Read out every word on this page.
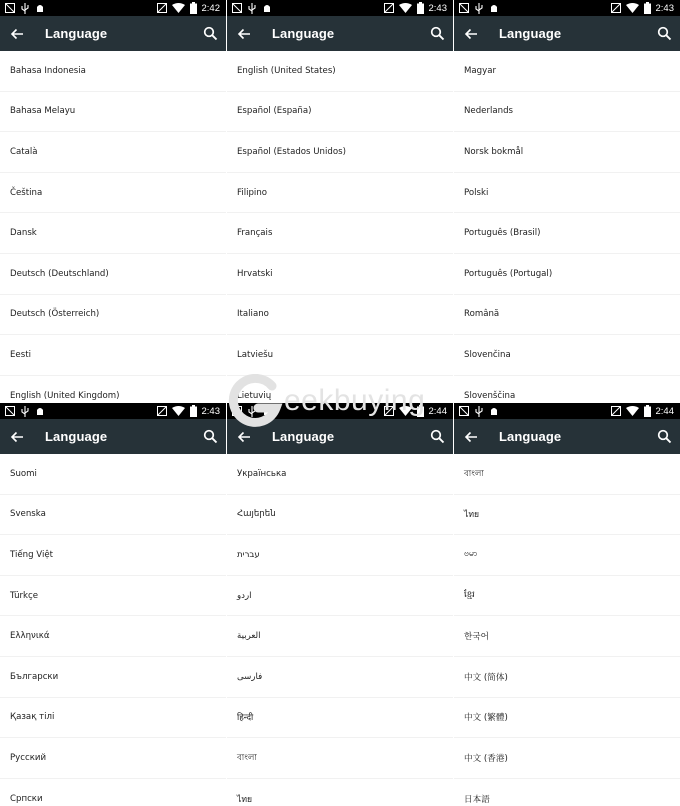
2:42
Language
Bahasa Indonesia
Bahasa Melayu
Català
Čeština
Dansk
Deutsch (Deutschland)
Deutsch (Österreich)
Eesti
English (United Kingdom)
2:43
Language
English (United States)
Español (España)
Español (Estados Unidos)
Filipino
Français
Hrvatski
Italiano
Latviešu
Lietuvių
2:43
Language
Magyar
Nederlands
Norsk bokmål
Polski
Português (Brasil)
Português (Portugal)
Română
Slovenčina
Slovenščina
2:43
Language
Suomi
Svenska
Tiếng Việt
Türkçe
Ελληνικά
Български
Қазақ тілі
Русский
Српски
2:44
Language
Українська
Հայերեն
עברית
اردو
العربية
فارسی
हिन्दी
বাংলা
ไทย
2:44
Language
বাংলা
ไทย
ဗမာ
ខ្មែរ
한국어
中文 (简体)
中文 (繁體)
中文 (香港)
日本語
eekbuying
